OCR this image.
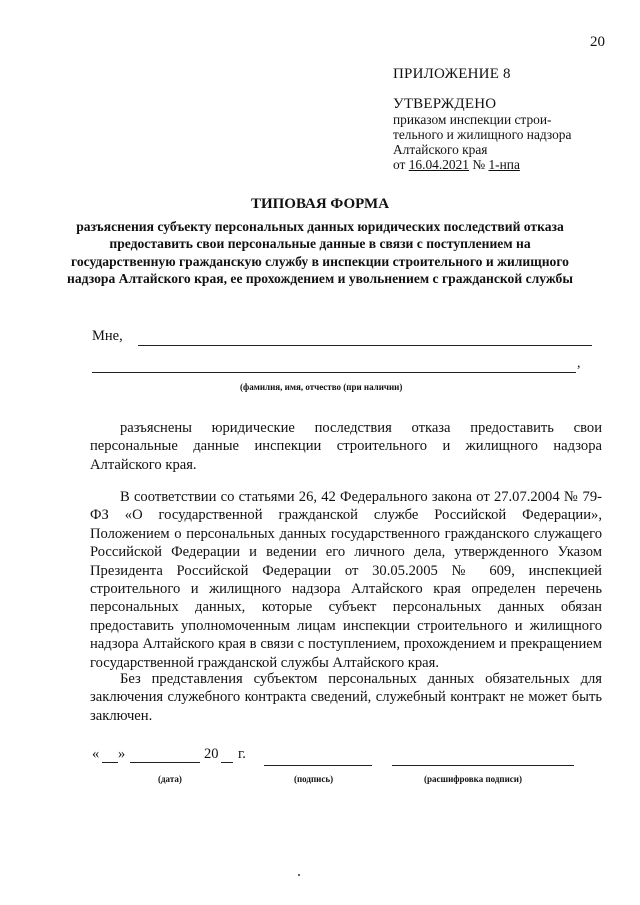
20
ПРИЛОЖЕНИЕ 8
УТВЕРЖДЕНО
приказом инспекции строи-
тельного и жилищного надзора
Алтайского края
от 16.04.2021 № 1-нпа
ТИПОВАЯ ФОРМА
разъяснения субъекту персональных данных юридических последствий отказа предоставить свои персональные данные в связи с поступлением на государственную гражданскую службу в инспекции строительного и жилищного надзора Алтайского края, ее прохождением и увольнением с гражданской службы
Мне,
,
(фамилия, имя, отчество (при наличии)
разъяснены юридические последствия отказа предоставить свои персональные данные инспекции строительного и жилищного надзора Алтайского края.
В соответствии со статьями 26, 42 Федерального закона от 27.07.2004 № 79-ФЗ «О государственной гражданской службе Российской Федерации», Положением о персональных данных государственного гражданского служащего Российской Федерации и ведении его личного дела, утвержденного Указом Президента Российской Федерации от 30.05.2005 № 609, инспекцией строительного и жилищного надзора Алтайского края определен перечень персональных данных, которые субъект персональных данных обязан предоставить уполномоченным лицам инспекции строительного и жилищного надзора Алтайского края в связи с поступлением, прохождением и прекращением государственной гражданской службы Алтайского края.
Без представления субъектом персональных данных обязательных для заключения служебного контракта сведений, служебный контракт не может быть заключен.
« »	20 г.
(дата)	(подпись)	(расшифровка подписи)
